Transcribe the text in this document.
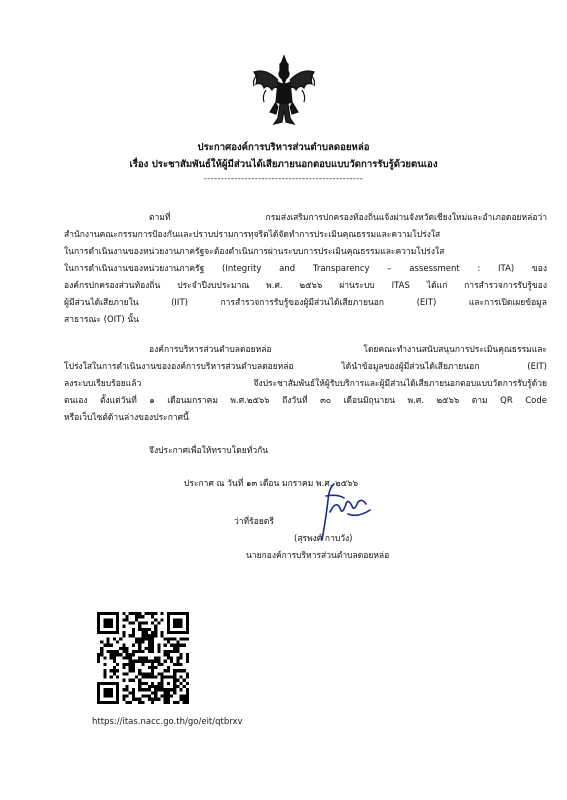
ประกาศองค์การบริหารส่วนตำบลดอยหล่อ
เรื่อง ประชาสัมพันธ์ให้ผู้มีส่วนได้เสียภายนอกตอบแบบวัดการรับรู้ด้วยตนเอง
-----------------------------------------------
ตามที่ กรมส่งเสริมการปกครองท้องถิ่นแจ้งผ่านจังหวัดเชียงใหม่และอำเภอดอยหล่อว่า
สำนักงานคณะกรรมการป้องกันและปราบปรามการทุจริตได้จัดทำการประเมินคุณธรรมและความโปร่งใส
ในการดำเนินงานของหน่วยงานภาครัฐจะต้องดำเนินการผ่านระบบการประเมินคุณธรรมและความโปร่งใส
ในการดำเนินงานของหน่วยงานภาครัฐ (Integrity and Transparency – assessment : ITA) ของ
องค์กรปกครองส่วนท้องถิ่น ประจำปีงบประมาณ พ.ศ. ๒๕๖๖ ผ่านระบบ ITAS ได้แก่ การสำรวจการรับรู้ของ
ผู้มีส่วนได้เสียภายใน (IIT) การสำรวจการรับรู้ของผู้มีส่วนได้เสียภายนอก (EIT) และการเปิดเผยข้อมูล
สาธารณะ (OIT) นั้น
องค์การบริหารส่วนตำบลดอยหล่อ โดยคณะทำงานสนับสนุนการประเมินคุณธรรมและ
โปร่งใสในการดำเนินงานขององค์การบริหารส่วนตำบลดอยหล่อ ได้นำข้อมูลของผู้มีส่วนได้เสียภายนอก (EIT)
ลงระบบเรียบร้อยแล้ว จึงประชาสัมพันธ์ให้ผู้รับบริการและผู้มีส่วนได้เสียภายนอกตอบแบบวัดการรับรู้ด้วย
ตนเอง ตั้งแต่วันที่ ๑ เดือนมกราคม พ.ศ.๒๕๖๖ ถึงวันที่ ๓๐ เดือนมิถุนายน พ.ศ. ๒๕๖๖ ตาม QR Code
หรือเว็บไซต์ด้านล่างของประกาศนี้
จึงประกาศเพื่อให้ทราบโดยทั่วกัน
ประกาศ ณ วันที่ ๑๓ เดือน มกราคม พ.ศ. ๒๕๖๖
ว่าที่ร้อยตรี
(สุรพงศ์ กาบวัง)
นายกองค์การบริหารส่วนตำบลดอยหล่อ
https://itas.nacc.go.th/go/eit/qtbrxv
